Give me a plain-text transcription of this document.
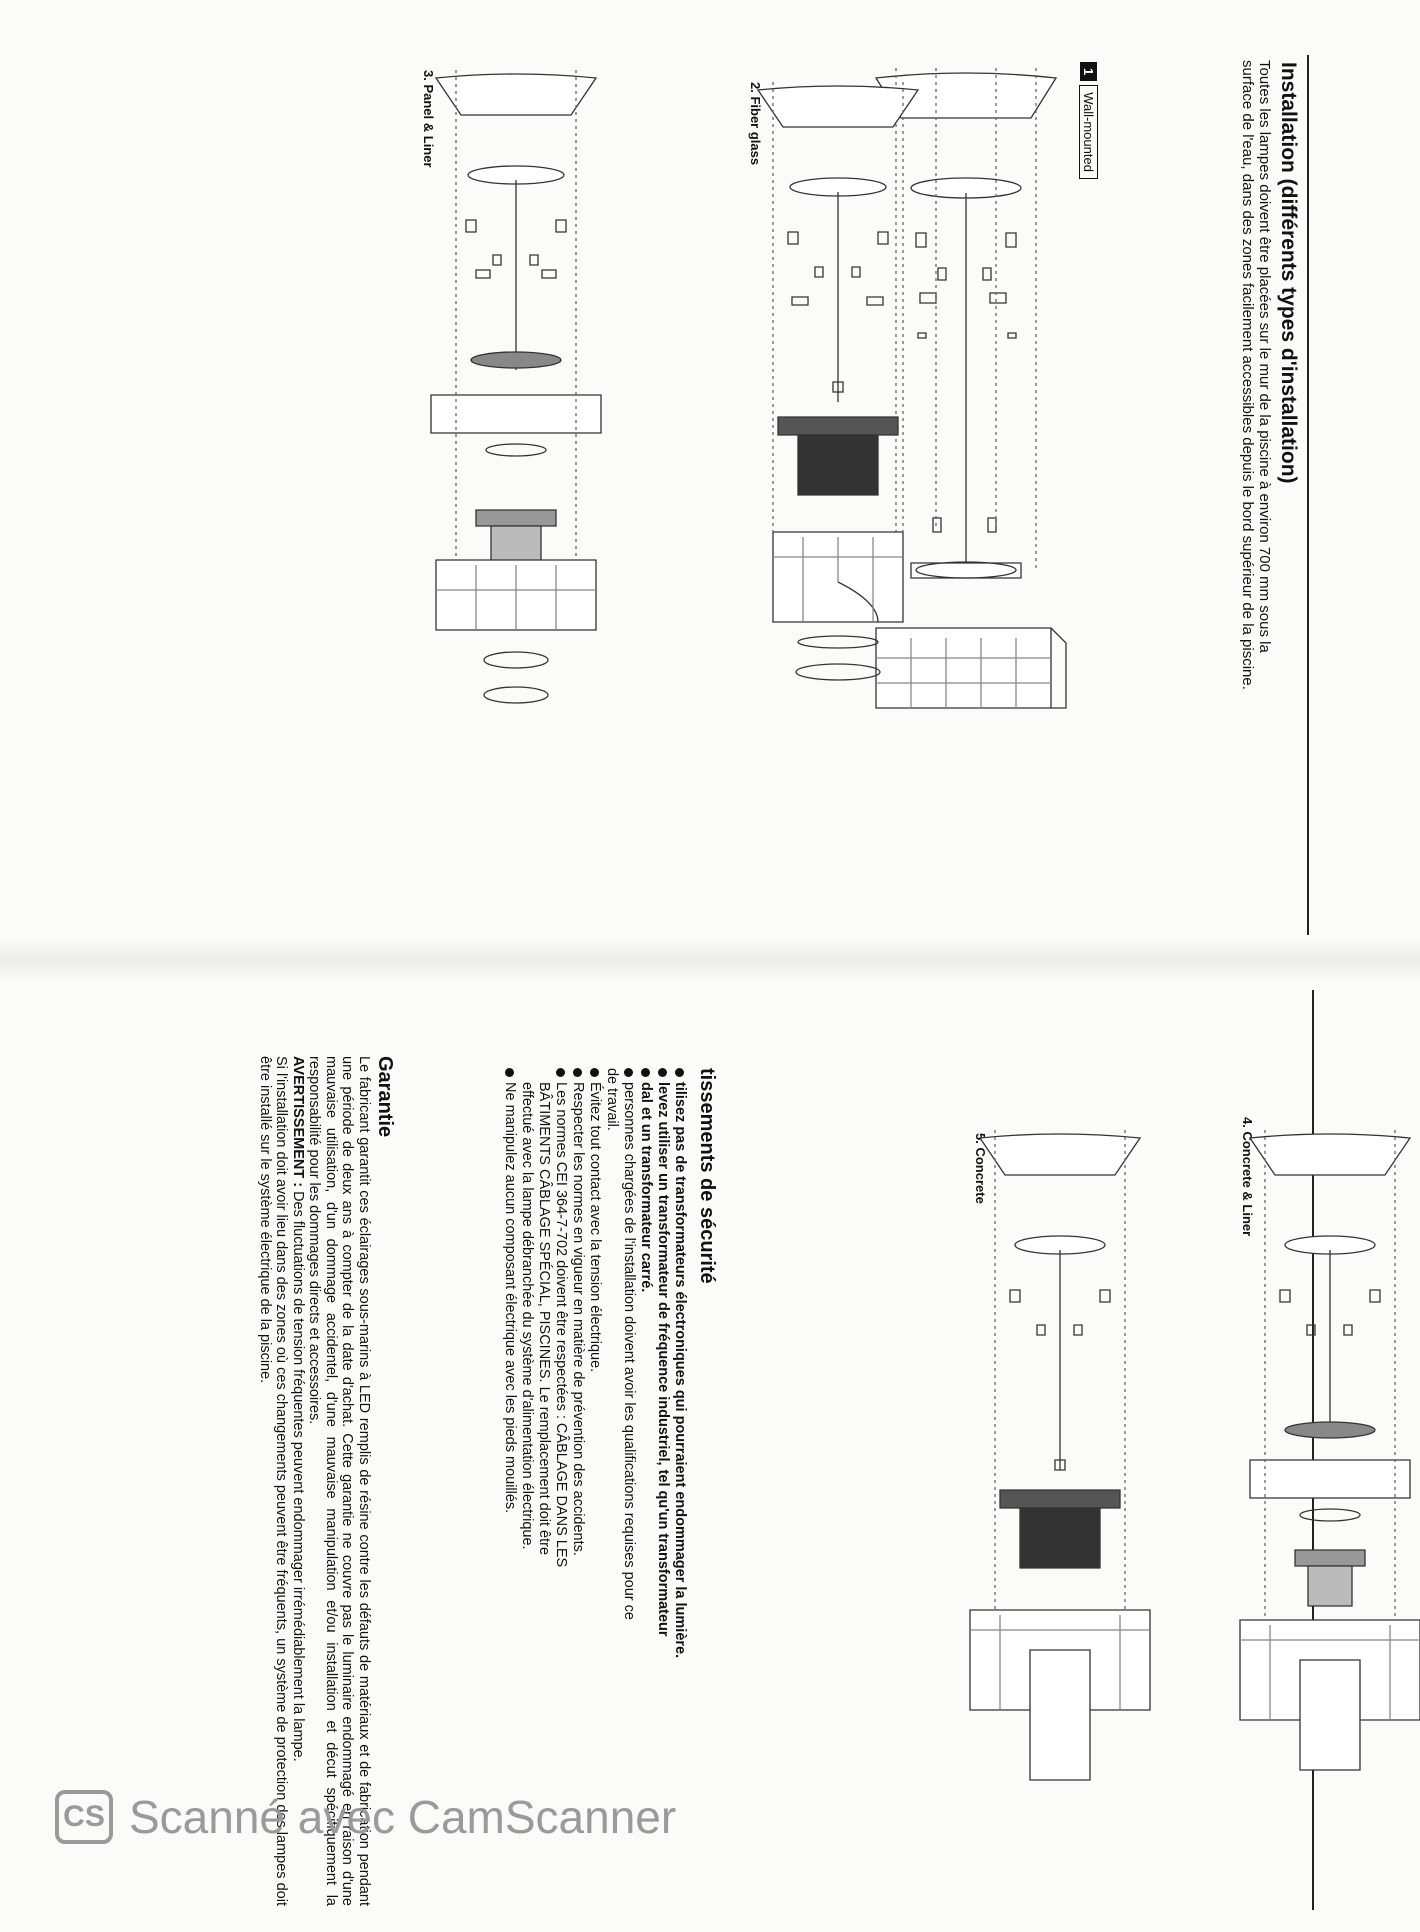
Installation (différents types d'installation)
Toutes les lampes doivent être placées sur le mur de la piscine à environ 700 mm sous la
surface de l'eau, dans des zones facilement accessibles depuis le bord supérieur de la piscine.
1
Wall-mounted
2. Fiber glass
3. Panel & Liner
4. Concrete & Liner
5. Concrete
tissements de sécurité
tilisez pas de transformateurs électroniques qui pourraient endommager la lumière.
levez utiliser un transformateur de fréquence industriel, tel qu'un transformateur
dal et un transformateur carré.
personnes chargées de l'installation doivent avoir les qualifications requises pour ce
de travail.
Évitez tout contact avec la tension électrique.
Respecter les normes en vigueur en matière de prévention des accidents.
Les normes CEI 364-7-702 doivent être respectées : CÂBLAGE DANS LES BÂTIMENTS CÂBLAGE SPÉCIAL, PISCINES. Le remplacement doit être effectué avec la lampe débranchée du système d'alimentation électrique.
Ne manipulez aucun composant électrique avec les pieds mouillés.
Garantie
Le fabricant garantit ces éclairages sous-marins à LED remplis de résine contre les défauts de matériaux et de fabrication pendant une période de deux ans à compter de la date d'achat. Cette garantie ne couvre pas le luminaire endommagé en raison d'une mauvaise utilisation, d'un dommage accidentel, d'une mauvaise manipulation et/ou installation et décut spécifiquement la responsabilité pour les dommages directs et accessoires.
AVERTISSEMENT : Des fluctuations de tension fréquentes peuvent endommager irrémédiablement la lampe.
Si l'installation doit avoir lieu dans des zones où ces changements peuvent être fréquents, un système de protection des lampes doit être installé sur le système électrique de la piscine.
CS Scanné avec CamScanner
